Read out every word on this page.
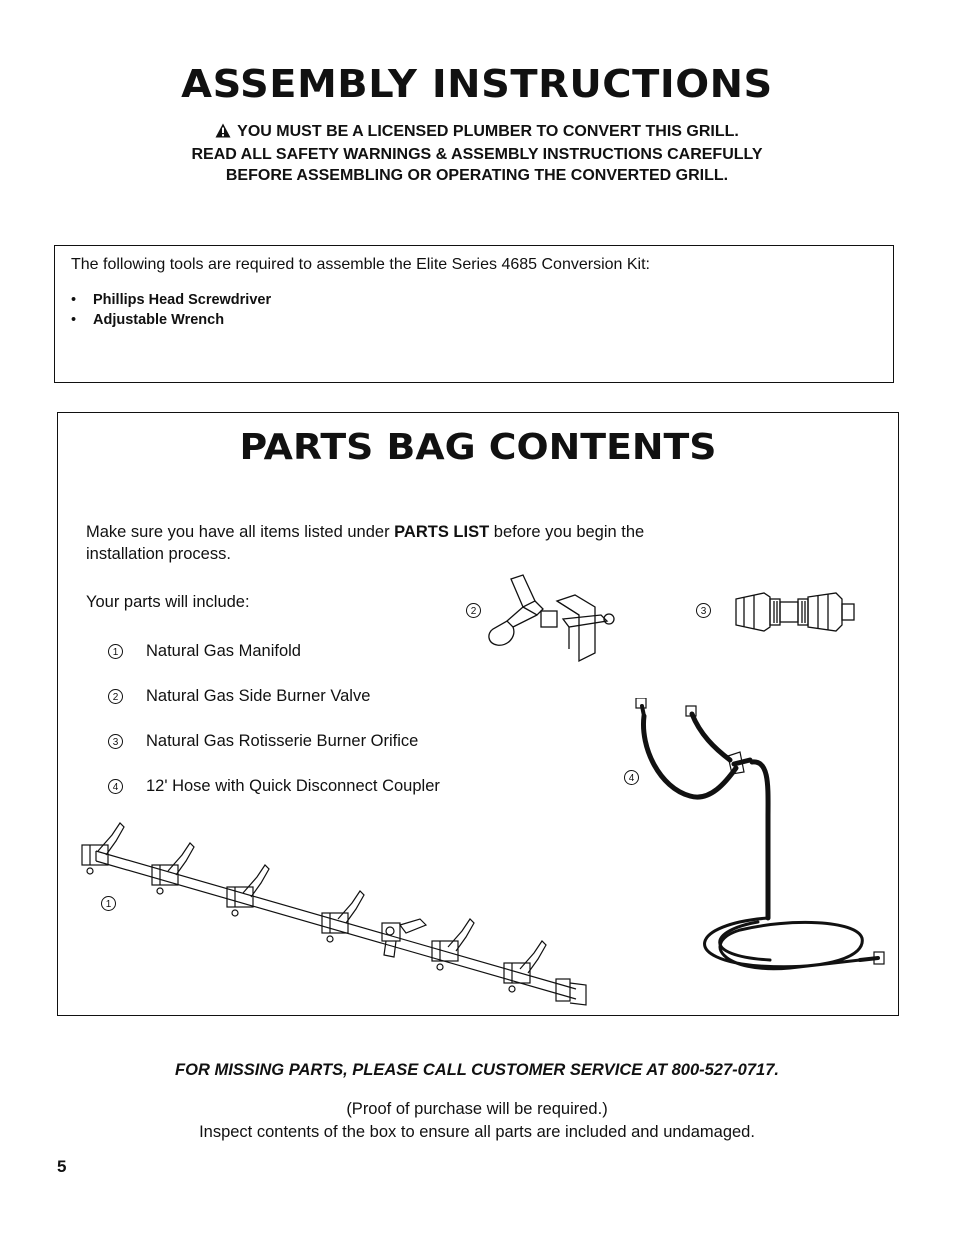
ASSEMBLY INSTRUCTIONS
YOU MUST BE A LICENSED PLUMBER TO CONVERT THIS GRILL.
READ ALL SAFETY WARNINGS & ASSEMBLY INSTRUCTIONS CAREFULLY
BEFORE ASSEMBLING OR OPERATING THE CONVERTED GRILL.
The following tools are required to assemble the Elite Series 4685 Conversion Kit:
• Phillips Head Screwdriver
• Adjustable Wrench
PARTS BAG CONTENTS
Make sure you have all items listed under PARTS LIST before you begin the installation process.
Your parts will include:
1 Natural Gas Manifold
2 Natural Gas Side Burner Valve
3 Natural Gas Rotisserie Burner Orifice
4 12' Hose with Quick Disconnect Coupler
2	3
4
1
FOR MISSING PARTS, PLEASE CALL CUSTOMER SERVICE AT 800-527-0717.
(Proof of purchase will be required.)
Inspect contents of the box to ensure all parts are included and undamaged.
5
